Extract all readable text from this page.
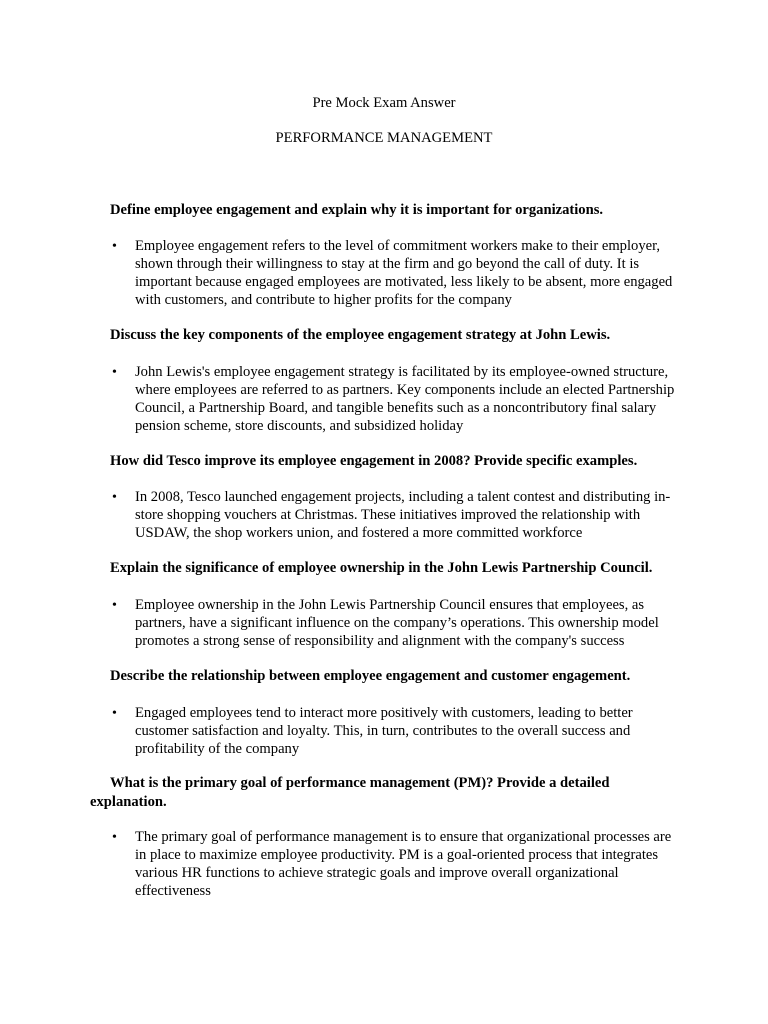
Pre Mock Exam Answer
PERFORMANCE MANAGEMENT
Define employee engagement and explain why it is important for organizations.
• Employee engagement refers to the level of commitment workers make to their employer, shown through their willingness to stay at the firm and go beyond the call of duty. It is important because engaged employees are motivated, less likely to be absent, more engaged with customers, and contribute to higher profits for the company
Discuss the key components of the employee engagement strategy at John Lewis.
• John Lewis's employee engagement strategy is facilitated by its employee-owned structure, where employees are referred to as partners. Key components include an elected Partnership Council, a Partnership Board, and tangible benefits such as a noncontributory final salary pension scheme, store discounts, and subsidized holiday
How did Tesco improve its employee engagement in 2008? Provide specific examples.
• In 2008, Tesco launched engagement projects, including a talent contest and distributing in-store shopping vouchers at Christmas. These initiatives improved the relationship with USDAW, the shop workers union, and fostered a more committed workforce
Explain the significance of employee ownership in the John Lewis Partnership Council.
• Employee ownership in the John Lewis Partnership Council ensures that employees, as partners, have a significant influence on the company’s operations. This ownership model promotes a strong sense of responsibility and alignment with the company's success
Describe the relationship between employee engagement and customer engagement.
• Engaged employees tend to interact more positively with customers, leading to better customer satisfaction and loyalty. This, in turn, contributes to the overall success and profitability of the company
What is the primary goal of performance management (PM)? Provide a detailed explanation.
• The primary goal of performance management is to ensure that organizational processes are in place to maximize employee productivity. PM is a goal-oriented process that integrates various HR functions to achieve strategic goals and improve overall organizational effectiveness
